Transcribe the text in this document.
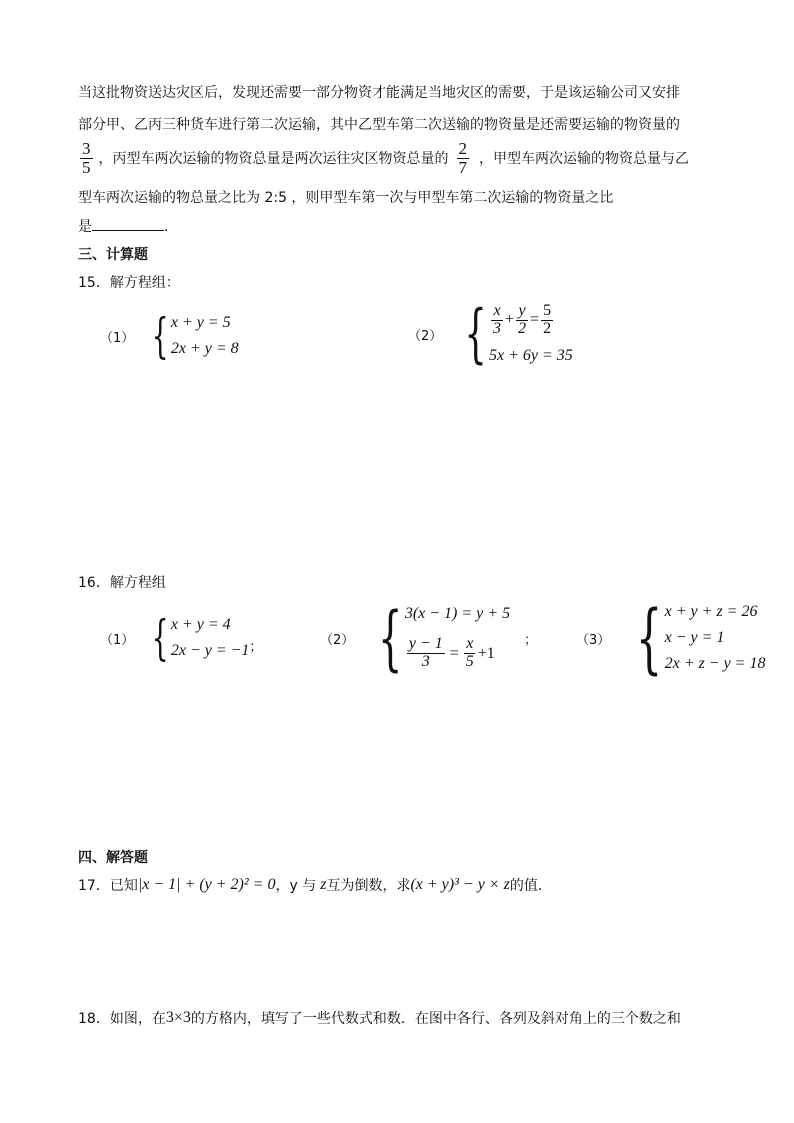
当这批物资送达灾区后，发现还需要一部分物资才能满足当地灾区的需要，于是该运输公司又安排
部分甲、乙丙三种货车进行第二次运输，其中乙型车第二次送输的物资量是还需要运输的物资量的
$\frac{3}{5}$ ，丙型车两次运输的物资总量是两次运往灾区物资总量的 $\frac{2}{7}$ ，甲型车两次运输的物资总量与乙
型车两次运输的物总量之比为 2:5 ，则甲型车第一次与甲型车第二次运输的物资量之比
是	.
三、计算题
15．解方程组：
（1） { x + y = 5
2x + y = 8
（2） { $\frac{x}{3} + \frac{y}{2} = \frac{5}{2}$
5x + 6y = 35
16．解方程组
（1） { x + y = 4
2x − y = −1 ；	（2） { 3(x − 1) = y + 5
$\frac{y - 1}{3} = \frac{x}{5} +1$
；	（3） { x + y + z = 26
x − y = 1
2x + z − y = 18
四、解答题
17．已知 |x − 1| + (y + 2)² = 0 ，y 与 z 互为倒数，求 (x + y)³ − y × z 的值．
18．如图，在 3×3 的方格内，填写了一些代数式和数．在图中各行、各列及斜对角上的三个数之和
